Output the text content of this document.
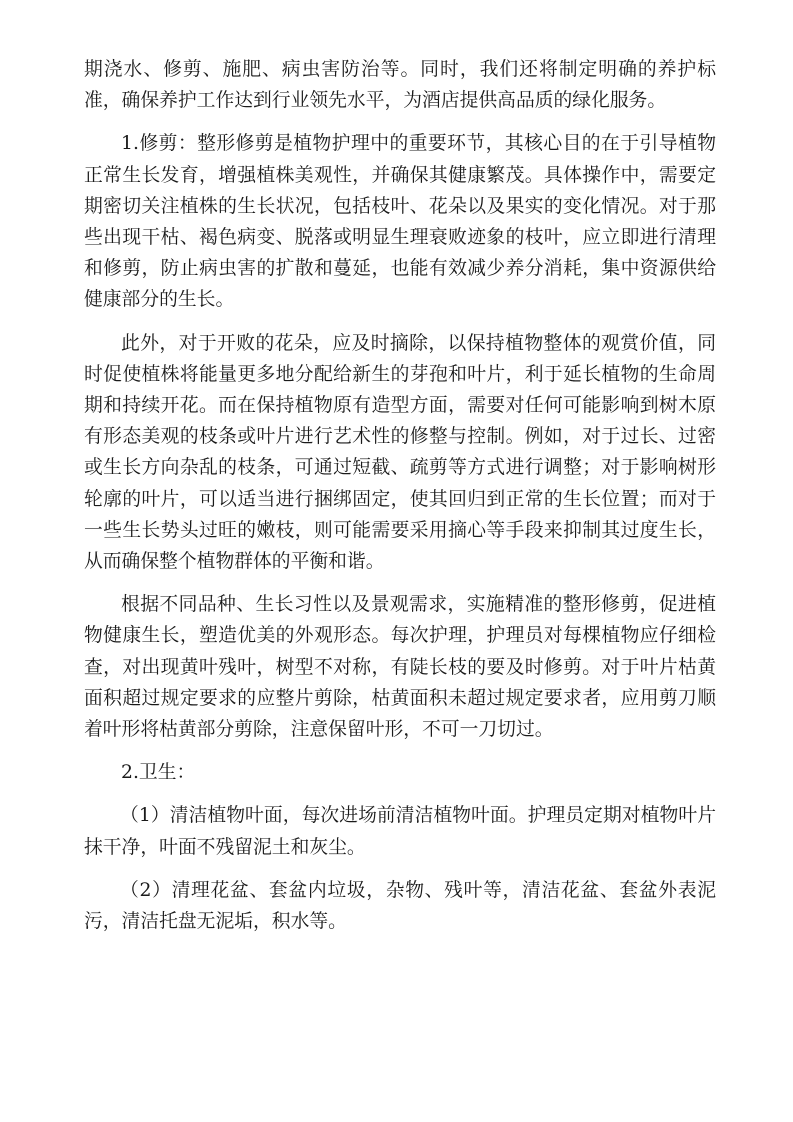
期浇水、修剪、施肥、病虫害防治等。同时，我们还将制定明确的养护标准，确保养护工作达到行业领先水平，为酒店提供高品质的绿化服务。

1.修剪：整形修剪是植物护理中的重要环节，其核心目的在于引导植物正常生长发育，增强植株美观性，并确保其健康繁茂。具体操作中，需要定期密切关注植株的生长状况，包括枝叶、花朵以及果实的变化情况。对于那些出现干枯、褐色病变、脱落或明显生理衰败迹象的枝叶，应立即进行清理和修剪，防止病虫害的扩散和蔓延，也能有效减少养分消耗，集中资源供给健康部分的生长。

此外，对于开败的花朵，应及时摘除，以保持植物整体的观赏价值，同时促使植株将能量更多地分配给新生的芽孢和叶片，利于延长植物的生命周期和持续开花。而在保持植物原有造型方面，需要对任何可能影响到树木原有形态美观的枝条或叶片进行艺术性的修整与控制。例如，对于过长、过密或生长方向杂乱的枝条，可通过短截、疏剪等方式进行调整；对于影响树形轮廓的叶片，可以适当进行捆绑固定，使其回归到正常的生长位置；而对于一些生长势头过旺的嫩枝，则可能需要采用摘心等手段来抑制其过度生长，从而确保整个植物群体的平衡和谐。

根据不同品种、生长习性以及景观需求，实施精准的整形修剪，促进植物健康生长，塑造优美的外观形态。每次护理，护理员对每棵植物应仔细检查，对出现黄叶残叶，树型不对称，有陡长枝的要及时修剪。对于叶片枯黄面积超过规定要求的应整片剪除，枯黄面积未超过规定要求者，应用剪刀顺着叶形将枯黄部分剪除，注意保留叶形，不可一刀切过。

2.卫生：

（1）清洁植物叶面，每次进场前清洁植物叶面。护理员定期对植物叶片抹干净，叶面不残留泥土和灰尘。

（2）清理花盆、套盆内垃圾，杂物、残叶等，清洁花盆、套盆外表泥污，清洁托盘无泥垢，积水等。
